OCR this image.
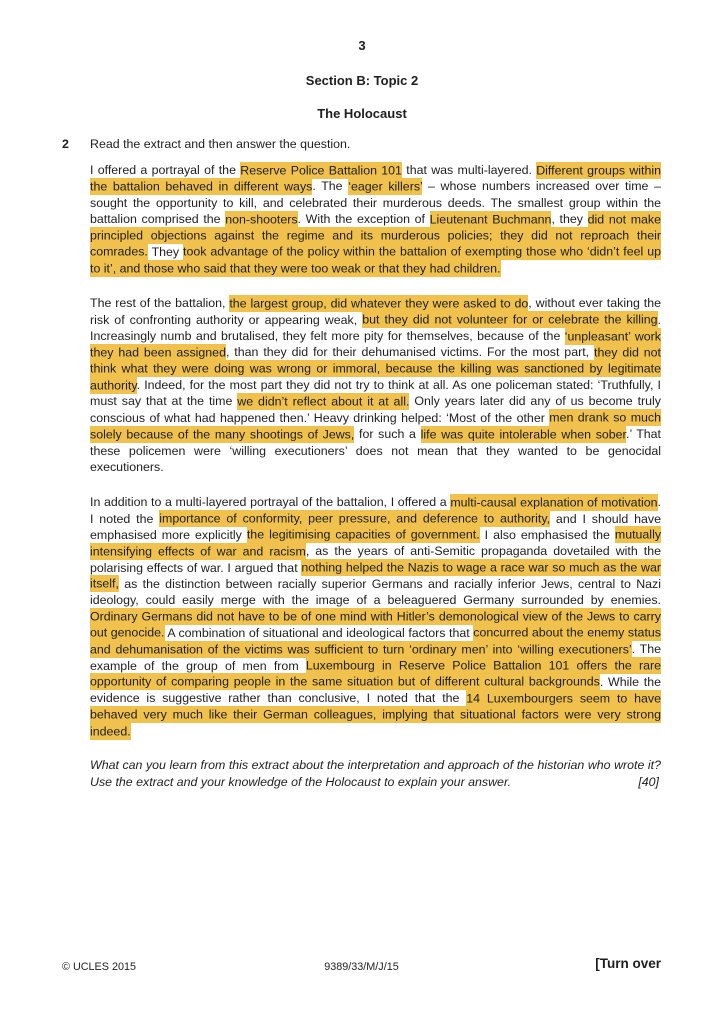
3
Section B: Topic 2
The Holocaust
2 Read the extract and then answer the question.

I offered a portrayal of the Reserve Police Battalion 101 that was multi-layered. Different groups within the battalion behaved in different ways. The ‘eager killers’ – whose numbers increased over time – sought the opportunity to kill, and celebrated their murderous deeds. The smallest group within the battalion comprised the non-shooters. With the exception of Lieutenant Buchmann, they did not make principled objections against the regime and its murderous policies; they did not reproach their comrades. They took advantage of the policy within the battalion of exempting those who ‘didn’t feel up to it’, and those who said that they were too weak or that they had children.

The rest of the battalion, the largest group, did whatever they were asked to do, without ever taking the risk of confronting authority or appearing weak, but they did not volunteer for or celebrate the killing. Increasingly numb and brutalised, they felt more pity for themselves, because of the ‘unpleasant’ work they had been assigned, than they did for their dehumanised victims. For the most part, they did not think what they were doing was wrong or immoral, because the killing was sanctioned by legitimate authority. Indeed, for the most part they did not try to think at all. As one policeman stated: ‘Truthfully, I must say that at the time we didn’t reflect about it at all. Only years later did any of us become truly conscious of what had happened then.’ Heavy drinking helped: ‘Most of the other men drank so much solely because of the many shootings of Jews, for such a life was quite intolerable when sober.’ That these policemen were ‘willing executioners’ does not mean that they wanted to be genocidal executioners.

In addition to a multi-layered portrayal of the battalion, I offered a multi-causal explanation of motivation. I noted the importance of conformity, peer pressure, and deference to authority, and I should have emphasised more explicitly the legitimising capacities of government. I also emphasised the mutually intensifying effects of war and racism, as the years of anti-Semitic propaganda dovetailed with the polarising effects of war. I argued that nothing helped the Nazis to wage a race war so much as the war itself, as the distinction between racially superior Germans and racially inferior Jews, central to Nazi ideology, could easily merge with the image of a beleaguered Germany surrounded by enemies. Ordinary Germans did not have to be of one mind with Hitler’s demonological view of the Jews to carry out genocide. A combination of situational and ideological factors that concurred about the enemy status and dehumanisation of the victims was sufficient to turn ‘ordinary men’ into ‘willing executioners’. The example of the group of men from Luxembourg in Reserve Police Battalion 101 offers the rare opportunity of comparing people in the same situation but of different cultural backgrounds. While the evidence is suggestive rather than conclusive, I noted that the 14 Luxembourgers seem to have behaved very much like their German colleagues, implying that situational factors were very strong indeed.

What can you learn from this extract about the interpretation and approach of the historian who wrote it? Use the extract and your knowledge of the Holocaust to explain your answer.	[40]
© UCLES 2015	9389/33/M/J/15	[Turn over
